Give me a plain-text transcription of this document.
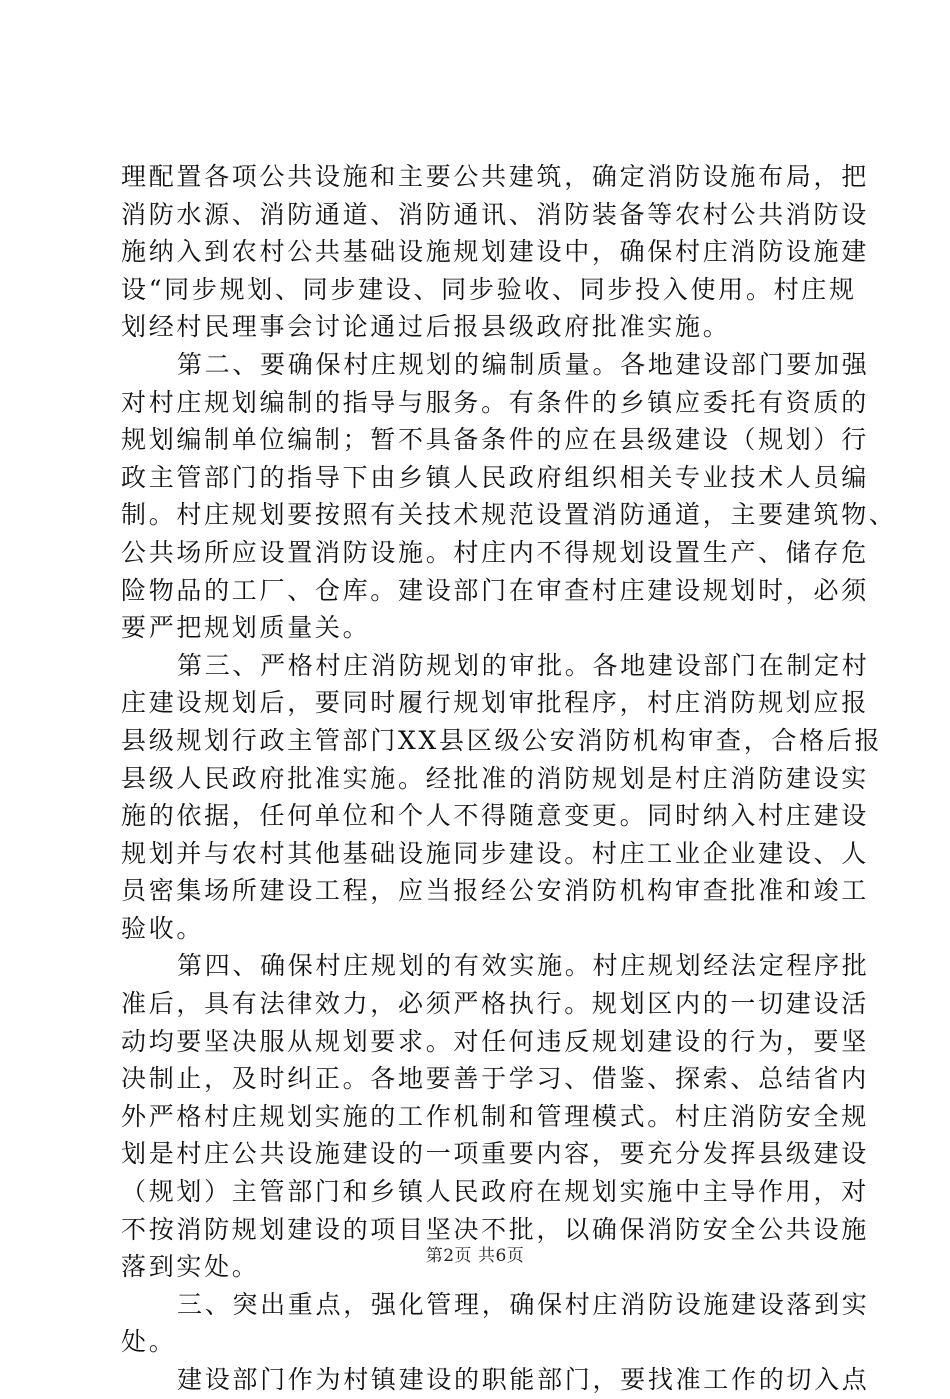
理配置各项公共设施和主要公共建筑，确定消防设施布局，把
消防水源、消防通道、消防通讯、消防装备等农村公共消防设
施纳入到农村公共基础设施规划建设中，确保村庄消防设施建
设“同步规划、同步建设、同步验收、同步投入使用。村庄规
划经村民理事会讨论通过后报县级政府批准实施。
第二、要确保村庄规划的编制质量。各地建设部门要加强
对村庄规划编制的指导与服务。有条件的乡镇应委托有资质的
规划编制单位编制；暂不具备条件的应在县级建设（规划）行
政主管部门的指导下由乡镇人民政府组织相关专业技术人员编
制。村庄规划要按照有关技术规范设置消防通道，主要建筑物、
公共场所应设置消防设施。村庄内不得规划设置生产、储存危
险物品的工厂、仓库。建设部门在审查村庄建设规划时，必须
要严把规划质量关。
第三、严格村庄消防规划的审批。各地建设部门在制定村
庄建设规划后，要同时履行规划审批程序，村庄消防规划应报
县级规划行政主管部门XX县区级公安消防机构审查，合格后报
县级人民政府批准实施。经批准的消防规划是村庄消防建设实
施的依据，任何单位和个人不得随意变更。同时纳入村庄建设
规划并与农村其他基础设施同步建设。村庄工业企业建设、人
员密集场所建设工程，应当报经公安消防机构审查批准和竣工
验收。
第四、确保村庄规划的有效实施。村庄规划经法定程序批
准后，具有法律效力，必须严格执行。规划区内的一切建设活
动均要坚决服从规划要求。对任何违反规划建设的行为，要坚
决制止，及时纠正。各地要善于学习、借鉴、探索、总结省内
外严格村庄规划实施的工作机制和管理模式。村庄消防安全规
划是村庄公共设施建设的一项重要内容，要充分发挥县级建设
（规划）主管部门和乡镇人民政府在规划实施中主导作用，对
不按消防规划建设的项目坚决不批，以确保消防安全公共设施
落到实处。
三、突出重点，强化管理，确保村庄消防设施建设落到实
处。
建设部门作为村镇建设的职能部门，要找准工作的切入点
第2页 共6页
